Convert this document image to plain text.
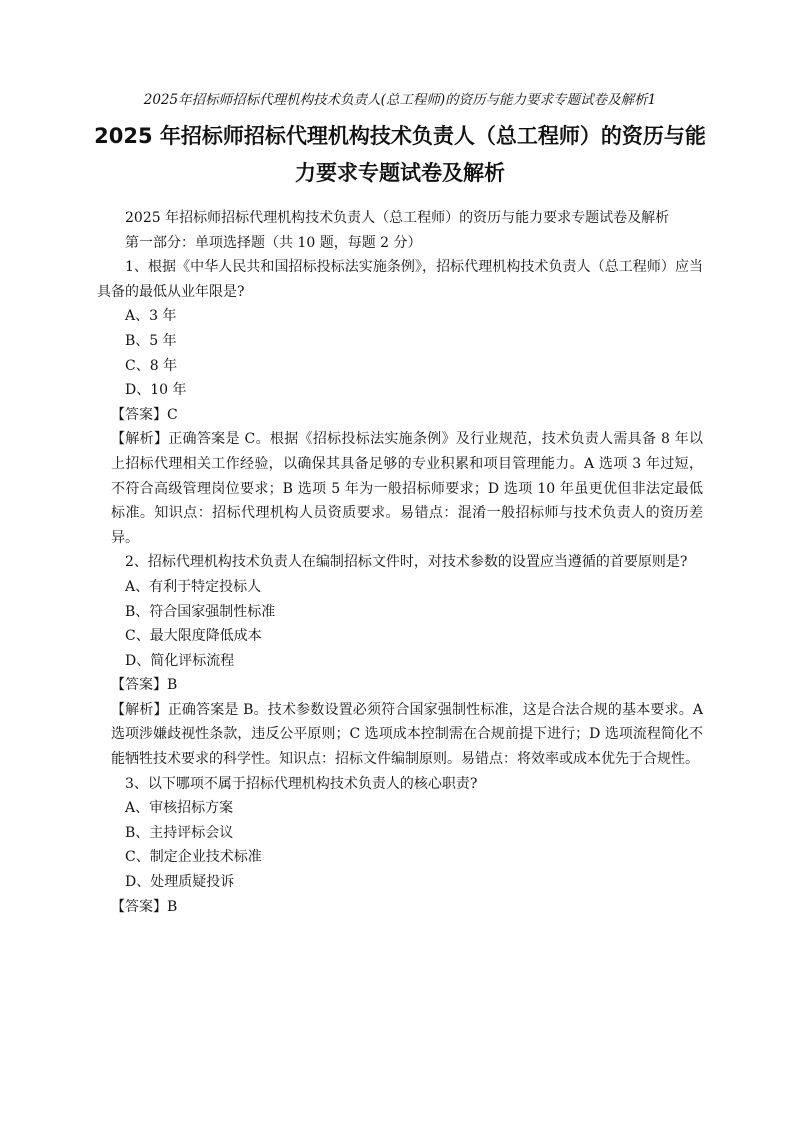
2025年招标师招标代理机构技术负责人(总工程师)的资历与能力要求专题试卷及解析1
2025 年招标师招标代理机构技术负责人（总工程师）的资历与能力要求专题试卷及解析

2025 年招标师招标代理机构技术负责人（总工程师）的资历与能力要求专题试卷及解析

第一部分：单项选择题（共 10 题，每题 2 分）

1、根据《中华人民共和国招标投标法实施条例》，招标代理机构技术负责人（总工程师）应当具备的最低从业年限是?

A、3 年

B、5 年

C、8 年

D、10 年

【答案】C

【解析】正确答案是 C。根据《招标投标法实施条例》及行业规范，技术负责人需具备 8 年以上招标代理相关工作经验，以确保其具备足够的专业积累和项目管理能力。A 选项 3 年过短，不符合高级管理岗位要求；B 选项 5 年为一般招标师要求；D 选项 10 年虽更优但非法定最低标准。知识点：招标代理机构人员资质要求。易错点：混淆一般招标师与技术负责人的资历差异。

2、招标代理机构技术负责人在编制招标文件时，对技术参数的设置应当遵循的首要原则是?

A、有利于特定投标人

B、符合国家强制性标准

C、最大限度降低成本

D、简化评标流程

【答案】B

【解析】正确答案是 B。技术参数设置必须符合国家强制性标准，这是合法合规的基本要求。A 选项涉嫌歧视性条款，违反公平原则；C 选项成本控制需在合规前提下进行；D 选项流程简化不能牺牲技术要求的科学性。知识点：招标文件编制原则。易错点：将效率或成本优先于合规性。

3、以下哪项不属于招标代理机构技术负责人的核心职责?

A、审核招标方案

B、主持评标会议

C、制定企业技术标准

D、处理质疑投诉

【答案】B
